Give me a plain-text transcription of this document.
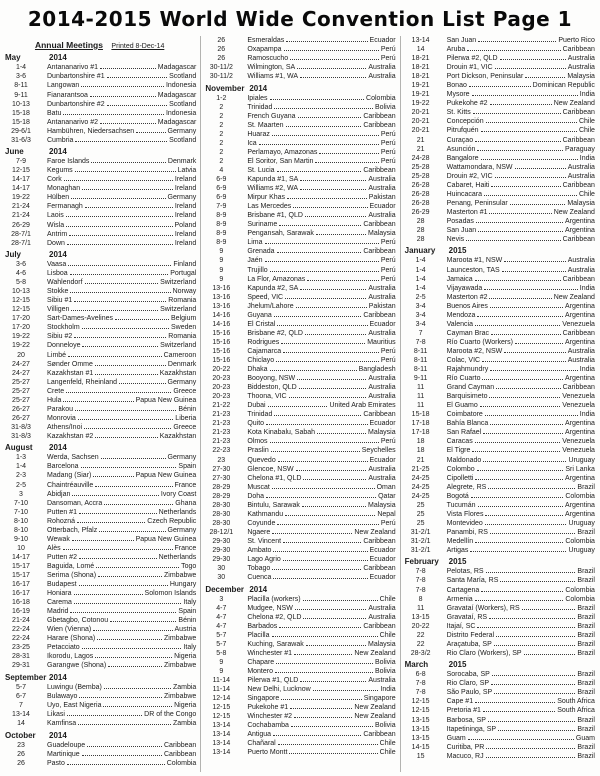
2014-2015 World Wide Convention List Page 1
Annual Meetings Printed 8-Dec-14
May	2014
1-4	Antananarivo #1	Madagascar
3-6	Dunbartonshire #1	Scotland
8-11	Langowan	Indonesia
9-11	Fianarantsoa	Madagascar
10-13	Dunbartonshire #2	Scotland
15-18	Batu	Indonesia
15-18	Antananarivo #2	Madagascar
29-6/1	Hambühren, Niedersachsen	Germany
31-6/3	Cumbria	Scotland
June	2014
7-9	Faroe Islands	Denmark
12-15	Kegums	Latvia
14-17	Cork	Ireland
14-17	Monaghan	Ireland
19-22	Hülben	Germany
21-24	Fermanagh	Ireland
21-24	Laois	Ireland
26-29	Wisla	Poland
28-7/1	Antrim	Ireland
28-7/1	Down	Ireland
July	2014
3-6	Vaasa	Finland
4-6	Lisboa	Portugal
5-8	Wahlendorf	Switzerland
10-13	Stokke	Norway
12-15	Sibiu #1	Romania
12-15	Villigen	Switzerland
17-20	Sart-Dames-Avelines	Belgium
17-20	Stockholm	Sweden
19-22	Sibiu #2	Romania
19-22	Donneloye	Switzerland
20	Limbé	Cameroon
24-27	Sønder Omme	Denmark
24-27	Kazakhstan #1	Kazakhstan
25-27	Langenfeld, Rheinland	Germany
25-27	Crete	Greece
25-27	Hula	Papua New Guinea
26-27	Parakou	Bénin
26-27	Monrovia	Liberia
31-8/3	Athens/Inoi	Greece
31-8/3	Kazakhstan #2	Kazakhstan
August 2014
1-3	Werda, Sachsen	Germany
1-4	Barcelona	Spain
2-3	Madang (Siar)	Papua New Guinea
2-5	Chaintréauville	France
3	Abidjan	Ivory Coast
7-10	Dansoman, Accra	Ghana
7-10	Putten #1	Netherlands
8-10	Rohozná	Czech Republic
8-10	Otterbach, Pfalz	Germany
9-10	Wewak	Papua New Guinea
10	Alès	France
14-17	Putten #2	Netherlands
15-17	Baguida, Lomé	Togo
15-17	Serima (Shona)	Zimbabwe
16-17	Budapest	Hungary
16-17	Honiara	Solomon Islands
16-18	Carema	Italy
16-19	Madrid	Spain
21-24	Gbetagbo, Cotonou	Bénin
22-24	Wien (Vienna)	Austria
22-24	Harare (Shona)	Zimbabwe
23-25	Petacciato	Italy
28-31	Ikorodu, Lagos	Nigeria
29-31	Garangwe (Shona)	Zimbabwe
September 2014
5-7	Luwingu (Bemba)	Zambia
6-7	Bulawayo	Zimbabwe
7	Uyo, East Nigeria	Nigeria
13-14	Likasi	DR of the Congo
14	Kamfinsa	Zambia
October 2014
23	Guadeloupe	Caribbean
26	Martinique	Caribbean
26	Pasto	Colombia
26	Esmeraldas	Ecuador
26	Oxapampa	Perú
26	Ramoscucho	Perú
30-11/2	Wilmington, SA	Australia
30-11/2	Williams #1, WA	Australia
November 2014
1-2	Ipiales	Colombia
2	Trinidad	Bolivia
2	French Guyana	Caribbean
2	St. Maarten	Caribbean
2	Huaraz	Perú
2	Ica	Perú
2	Perlamayo, Amazonas	Perú
2	El Soritor, San Martin	Perú
4	St. Lucia	Caribbean
6-9	Kapunda #1, SA	Australia
6-9	Williams #2, WA	Australia
6-9	Mirpur Khas	Pakistan
7-9	Las Mercedes	Ecuador
8-9	Brisbane #1, QLD	Australia
8-9	Suriname	Caribbean
8-9	Pengansah, Sarawak	Malaysia
8-9	Lima	Perú
9	Grenada	Caribbean
9	Jaén	Perú
9	Trujillo	Perú
9	La Flor, Amazonas	Perú
13-16	Kapunda #2, SA	Australia
13-16	Speed, VIC	Australia
13-16	Jhelum/Lahore	Pakistan
14-16	Guyana	Caribbean
14-16	El Cristal	Ecuador
15-16	Brisbane #2, QLD	Australia
15-16	Rodrigues	Mauritius
15-16	Cajamarca	Perú
15-16	Chiclayo	Perú
20-22	Dhaka	Bangladesh
20-23	Booyong, NSW	Australia
20-23	Biddeston, QLD	Australia
20-23	Thoona, VIC	Australia
21-22	Dubai	United Arab Emirates
21-23	Trinidad	Caribbean
21-23	Quito	Ecuador
21-23	Kota Kinabalu, Sabah	Malaysia
21-23	Olmos	Perú
22-23	Praslin	Seychelles
23	Quevedo	Ecuador
27-30	Glencoe, NSW	Australia
27-30	Chelona #1, QLD	Australia
28-29	Muscat	Oman
28-29	Doha	Qatar
28-30	Bintulu, Sarawak	Malaysia
28-30	Kathmandu	Nepal
28-30	Coyunde	Perú
28-12/1	Ngaere	New Zealand
29-30	St. Vincent	Caribbean
29-30	Ambato	Ecuador
29-30	Lago Agrio	Ecuador
30	Tobago	Caribbean
30	Cuenca	Ecuador
December 2014
3	Placilla (workers)	Chile
4-7	Mudgee, NSW	Australia
4-7	Chelona #2, QLD	Australia
4-7	Barbados	Caribbean
5-7	Placilla	Chile
5-7	Kuching, Sarawak	Malaysia
5-8	Winchester #1	New Zealand
9	Chapare	Bolivia
9	Montero	Bolivia
11-14	Pilerwa #1, QLD	Australia
11-14	New Delhi, Lucknow	India
12-14	Singapore	Singapore
12-15	Pukekohe #1	New Zealand
12-15	Winchester #2	New Zealand
13-14	Cochabamba	Bolivia
13-14	Antigua	Caribbean
13-14	Chañaral	Chile
13-14	Puerto Montt	Chile
13-14	San Juan	Puerto Rico
14	Aruba	Caribbean
18-21	Pilerwa #2, QLD	Australia
18-21	Drouin #1, VIC	Australia
18-21	Port Dickson, Peninsular	Malaysia
19-21	Bonao	Dominican Republic
19-21	Mysore	India
19-22	Pukekohe #2	New Zealand
20-21	St. Kitts	Caribbean
20-21	Concepción	Chile
20-21	Pitrufquén	Chile
21	Curaçao	Caribbean
21	Asunción	Paraguay
24-28	Bangalore	India
25-28	Wattamondara, NSW	Australia
25-28	Drouin #2, VIC	Australia
26-28	Cabaret, Haiti	Caribbean
26-28	Huincacara	Chile
26-28	Penang, Peninsular	Malaysia
26-29	Masterton #1	New Zealand
28	Posadas	Argentina
28	San Juan	Argentina
28	Nevis	Caribbean
January 2015
1-4	Maroota #1, NSW	Australia
1-4	Launceston, TAS	Australia
1-4	Jamaica	Caribbean
1-4	Vijayawada	India
2-5	Masterton #2	New Zealand
3-4	Buenos Aires	Argentina
3-4	Mendoza	Argentina
3-4	Valencia	Venezuela
7	Cayman Brac	Caribbean
7-8	Río Cuarto (Workers)	Argentina
8-11	Maroota #2, NSW	Australia
8-11	Colac, VIC	Australia
8-11	Rajahmundry	India
9-11	Río Cuarto	Argentina
11	Grand Cayman	Caribbean
11	Barquisimeto	Venezuela
11	El Guamo	Venezuela
15-18	Coimbatore	India
17-18	Bahía Blanca	Argentina
17-18	San Rafael	Argentina
18	Caracas	Venezuela
18	El Tigre	Venezuela
21	Maldonado	Uruguay
21-25	Colombo	Sri Lanka
24-25	Cipolletti	Argentina
24-25	Alegrete, RS	Brazil
24-25	Bogotá	Colombia
25	Tucumán	Argentina
25	Vista Flores	Argentina
25	Montevideo	Uruguay
31-2/1	Panambi, RS	Brazil
31-2/1	Medellín	Colombia
31-2/1	Artigas	Uruguay
February 2015
7-8	Pelotas, RS	Brazil
7-8	Santa María, RS	Brazil
7-8	Cartagena	Colombia
8	Armenia	Colombia
11	Gravataí (Workers), RS	Brazil
13-15	Gravataí, RS	Brazil
20-22	Itajaí, SC	Brazil
22	Distrito Federal	Brazil
22	Araçatuba, SP	Brazil
28-3/2	Rio Claro (Workers), SP	Brazil
March	2015
6-8	Sorocaba, SP	Brazil
7-8	Rio Claro, SP	Brazil
7-8	São Paulo, SP	Brazil
12-15	Cape #1	South Africa
12-15	Pretoria #1	South Africa
13-15	Barbosa, SP	Brazil
13-15	Itapetininga, SP	Brazil
13-15	Guam	Guam
14-15	Curitiba, PR	Brazil
15	Macuco, RJ	Brazil
